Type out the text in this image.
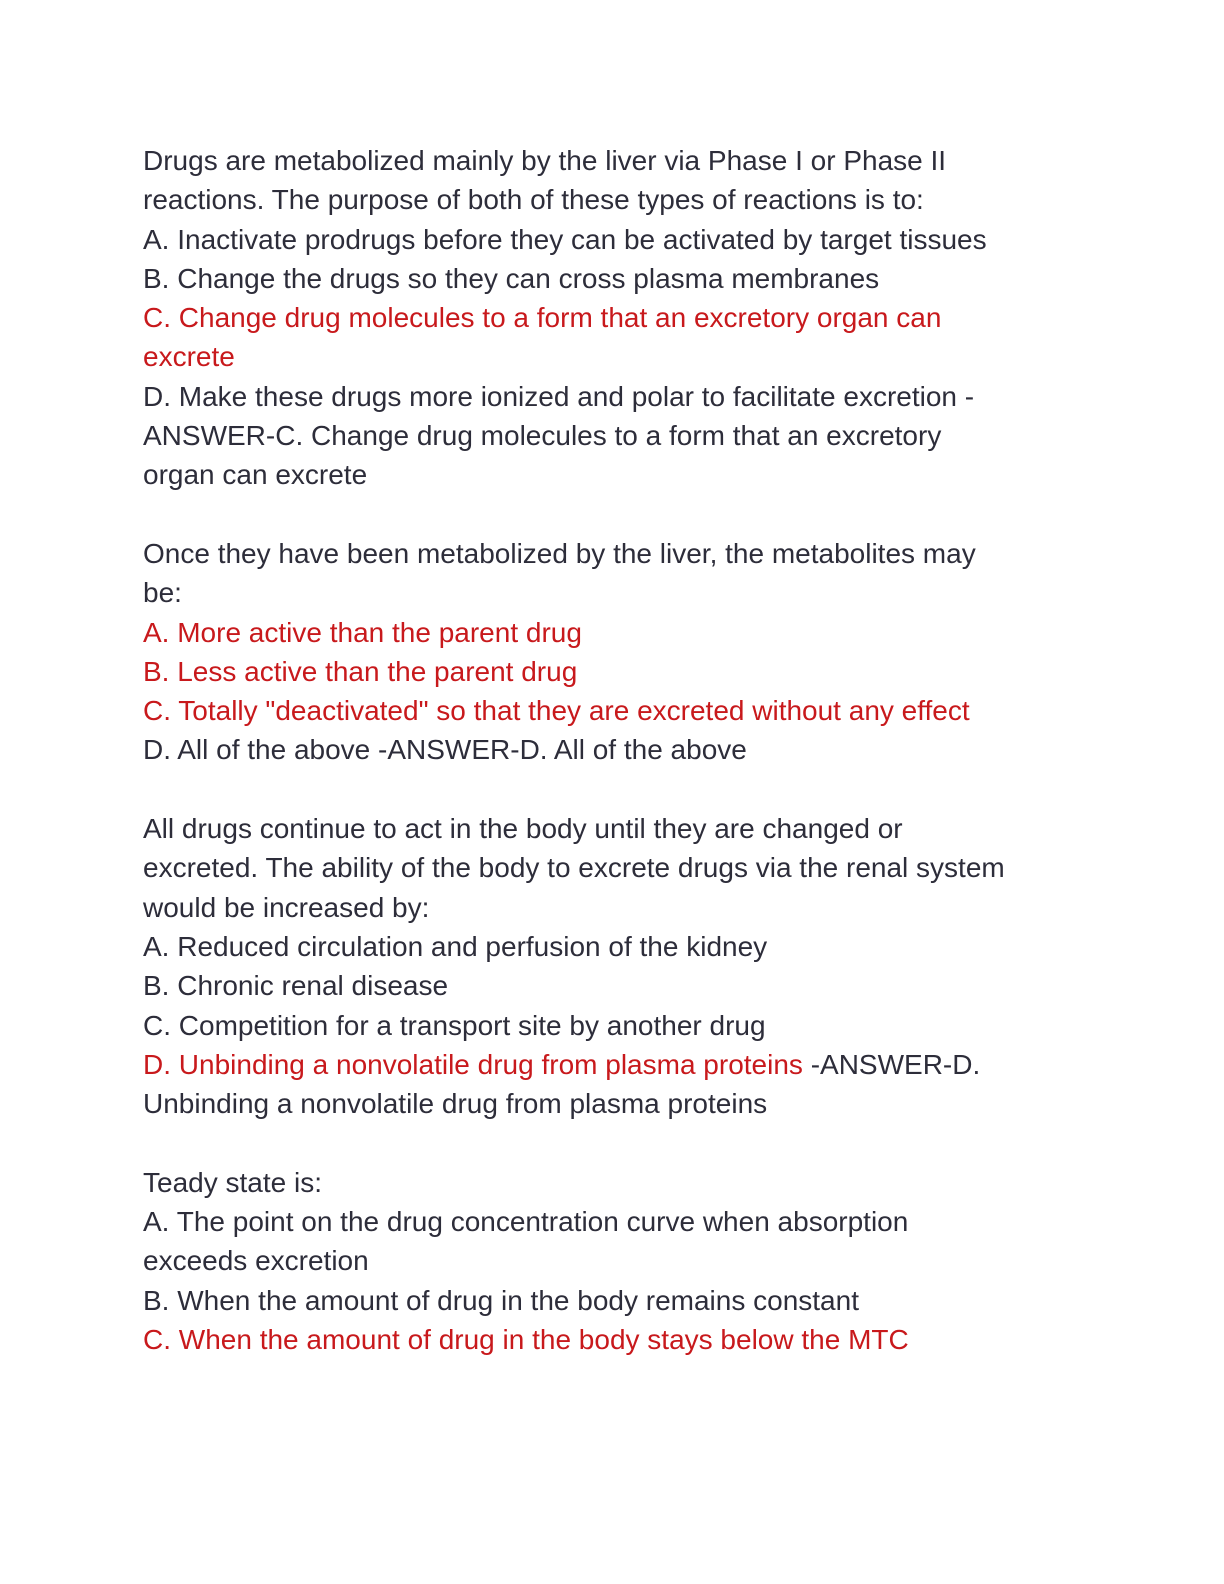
Drugs are metabolized mainly by the liver via Phase I or Phase II
reactions. The purpose of both of these types of reactions is to:
A. Inactivate prodrugs before they can be activated by target tissues
B. Change the drugs so they can cross plasma membranes
C. Change drug molecules to a form that an excretory organ can
excrete
D. Make these drugs more ionized and polar to facilitate excretion -
ANSWER-C. Change drug molecules to a form that an excretory
organ can excrete
Once they have been metabolized by the liver, the metabolites may
be:
A. More active than the parent drug
B. Less active than the parent drug
C. Totally "deactivated" so that they are excreted without any effect
D. All of the above -ANSWER-D. All of the above
All drugs continue to act in the body until they are changed or
excreted. The ability of the body to excrete drugs via the renal system
would be increased by:
A. Reduced circulation and perfusion of the kidney
B. Chronic renal disease
C. Competition for a transport site by another drug
D. Unbinding a nonvolatile drug from plasma proteins -ANSWER-D.
Unbinding a nonvolatile drug from plasma proteins
Teady state is:
A. The point on the drug concentration curve when absorption
exceeds excretion
B. When the amount of drug in the body remains constant
C. When the amount of drug in the body stays below the MTC
